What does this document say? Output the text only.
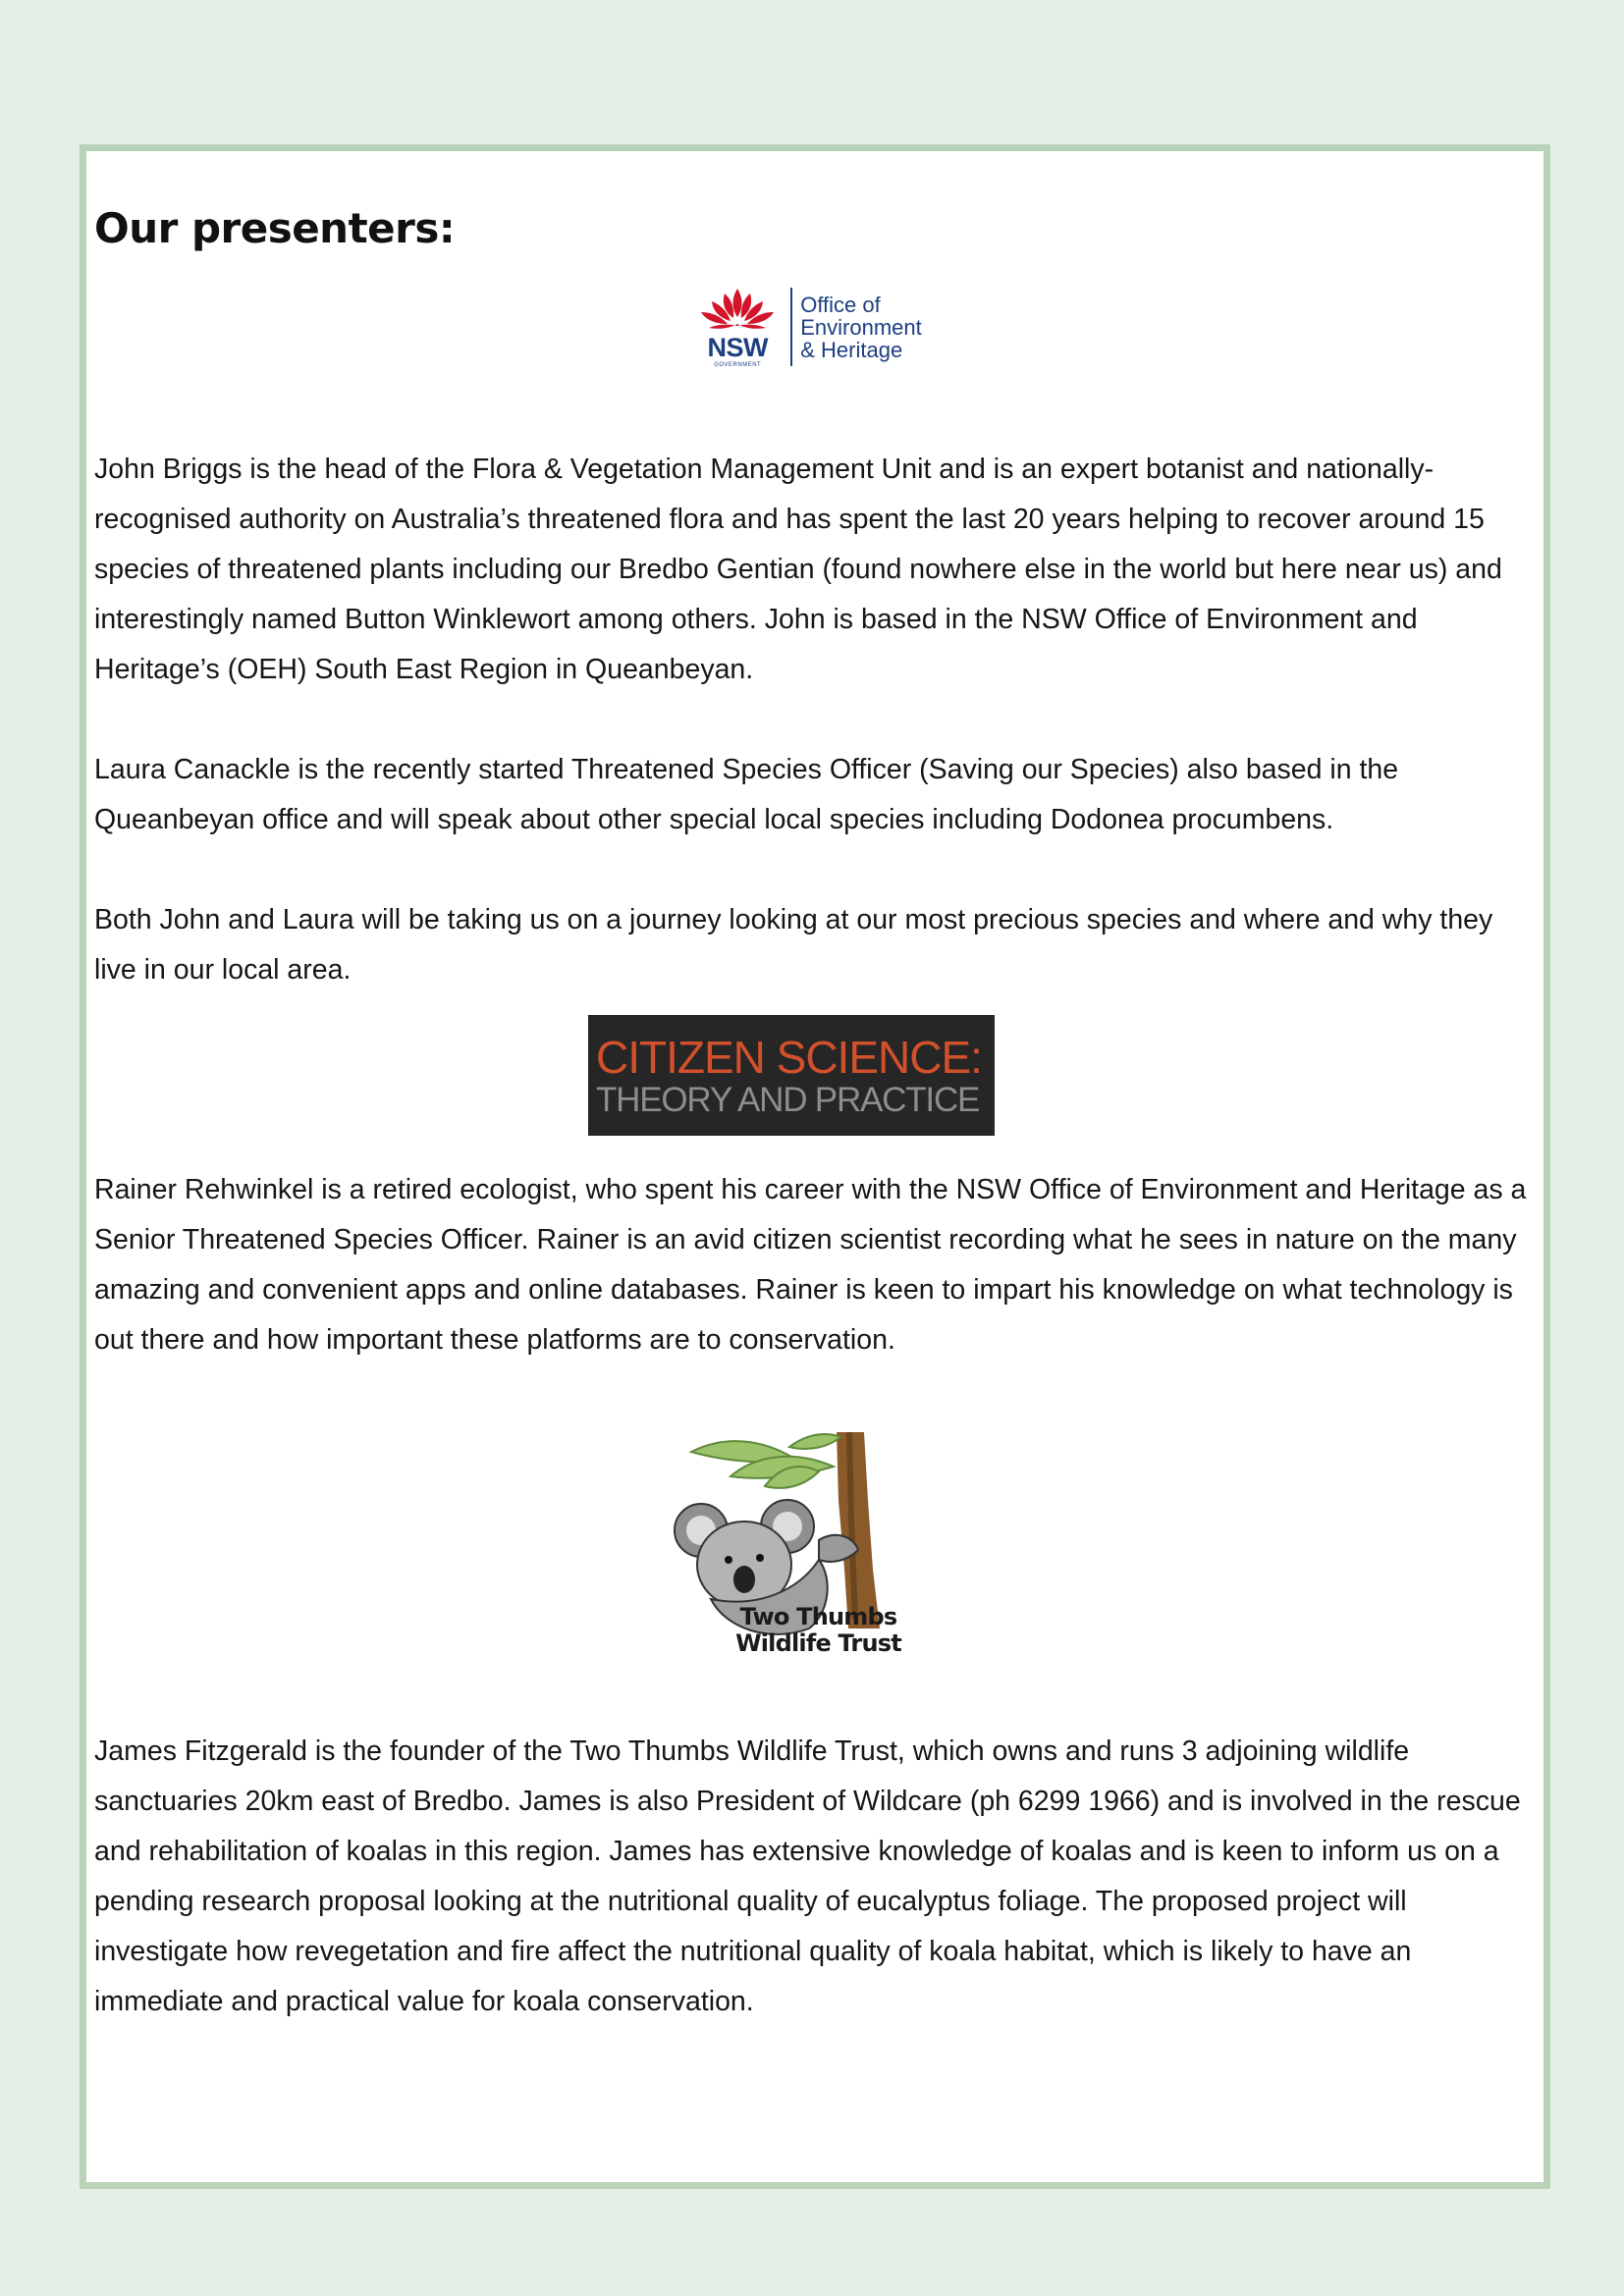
Our presenters:
NSW
GOVERNMENT
Office of
Environment
& Heritage

John Briggs is the head of the Flora & Vegetation Management Unit and is an expert botanist and nationally-recognised authority on Australia’s threatened flora and has spent the last 20 years helping to recover around 15 species of threatened plants including our Bredbo Gentian (found nowhere else in the world but here near us) and interestingly named Button Winklewort among others. John is based in the NSW Office of Environment and Heritage’s (OEH) South East Region in Queanbeyan.

Laura Canackle is the recently started Threatened Species Officer (Saving our Species) also based in the Queanbeyan office and will speak about other special local species including Dodonea procumbens.

Both John and Laura will be taking us on a journey looking at our most precious species and where and why they live in our local area.

CITIZEN SCIENCE:
THEORY AND PRACTICE

Rainer Rehwinkel is a retired ecologist, who spent his career with the NSW Office of Environment and Heritage as a Senior Threatened Species Officer. Rainer is an avid citizen scientist recording what he sees in nature on the many amazing and convenient apps and online databases. Rainer is keen to impart his knowledge on what technology is out there and how important these platforms are to conservation.

Two Thumbs
Wildlife Trust

James Fitzgerald is the founder of the Two Thumbs Wildlife Trust, which owns and runs 3 adjoining wildlife sanctuaries 20km east of Bredbo. James is also President of Wildcare (ph 6299 1966) and is involved in the rescue and rehabilitation of koalas in this region. James has extensive knowledge of koalas and is keen to inform us on a pending research proposal looking at the nutritional quality of eucalyptus foliage. The proposed project will investigate how revegetation and fire affect the nutritional quality of koala habitat, which is likely to have an immediate and practical value for koala conservation.
